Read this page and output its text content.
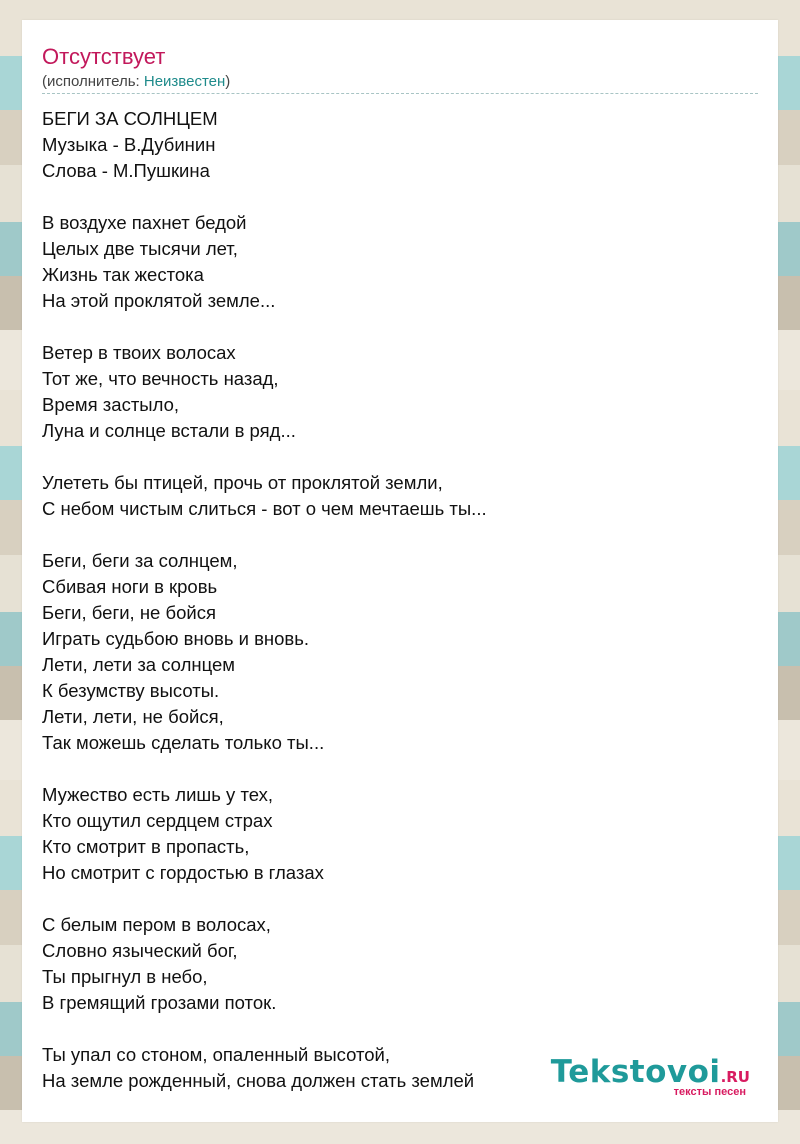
Отсутствует
(исполнитель: Неизвестен)
БЕГИ ЗА СОЛНЦЕМ
Музыка - В.Дубинин
Слова - М.Пушкина
В воздухе пахнет бедой
Целых две тысячи лет,
Жизнь так жестока
На этой проклятой земле...
Ветер в твоих волосах
Тот же, что вечность назад,
Время застыло,
Луна и солнце встали в ряд...
Улететь бы птицей, прочь от проклятой земли,
С небом чистым слиться - вот о чем мечтаешь ты...
Беги, беги за солнцем,
Сбивая ноги в кровь
Беги, беги, не бойся
Играть судьбою вновь и вновь.
Лети, лети за солнцем
К безумству высоты.
Лети, лети, не бойся,
Так можешь сделать только ты...
Мужество есть лишь у тех,
Кто ощутил сердцем страх
Кто смотрит в пропасть,
Но смотрит с гордостью в глазах
С белым пером в волосах,
Словно языческий бог,
Ты прыгнул в небо,
В гремящий грозами поток.
Ты упал со стоном, опаленный высотой,
На земле рожденный, снова должен стать землей	Tekstovoi.RU
тексты песен
